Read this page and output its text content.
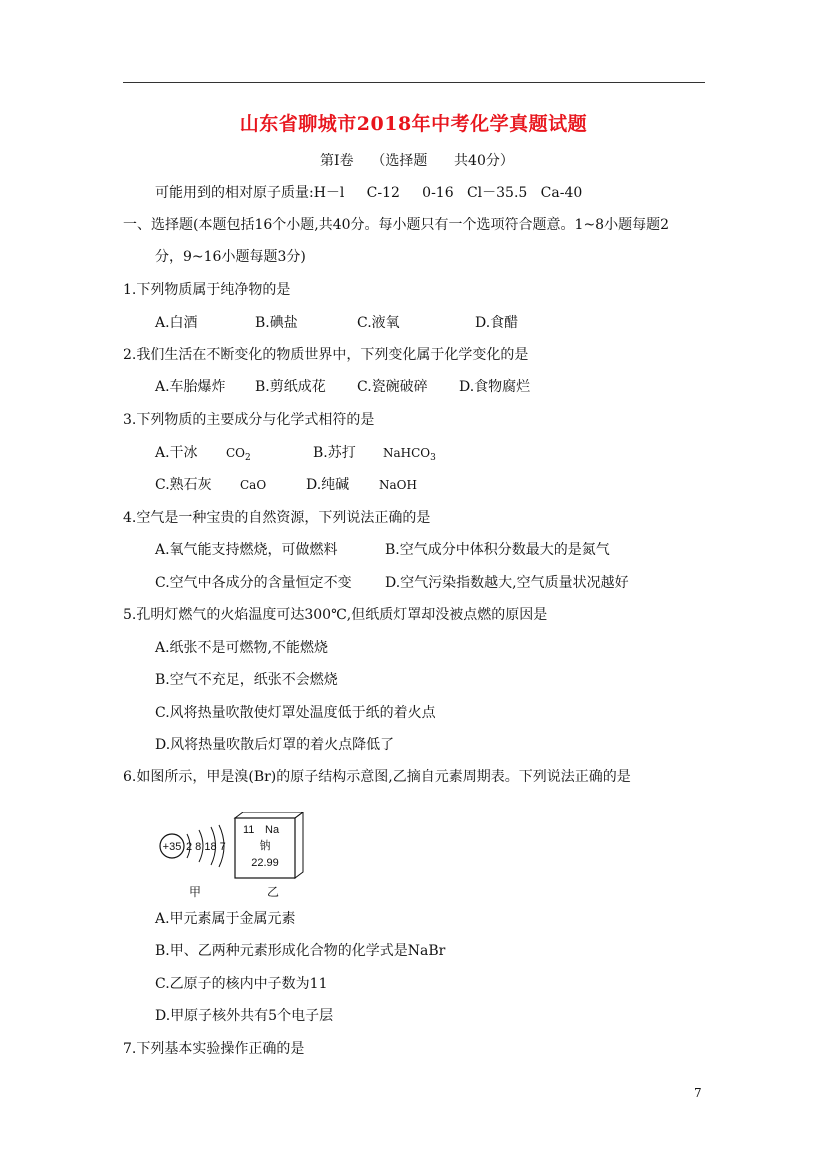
山东省聊城市2018年中考化学真题试题
第Ⅰ卷    （选择题      共40分）
可能用到的相对原子质量:H－l     C-12     0-16   Cl－35.5   Ca-40
一、选择题(本题包括16个小题,共40分。每小题只有一个选项符合题意。1~8小题每题2
分，9~16小题每题3分)
1.下列物质属于纯净物的是
A.白酒	B.碘盐	C.液氧	D.食醋
2.我们生活在不断变化的物质世界中，下列变化属于化学变化的是
A.车胎爆炸 B.剪纸成花 C.瓷碗破碎 D.食物腐烂
3.下列物质的主要成分与化学式相符的是
A.干冰 $CO_2$	B.苏打 NaHCO$_3$
C.熟石灰 CaO	D.纯碱 NaOH
4.空气是一种宝贵的自然资源，下列说法正确的是
A.氧气能支持燃烧，可做燃料	B.空气成分中体积分数最大的是氮气
C.空气中各成分的含量恒定不变 D.空气污染指数越大,空气质量状况越好
5.孔明灯燃气的火焰温度可达300℃,但纸质灯罩却没被点燃的原因是
A.纸张不是可燃物,不能燃烧
B.空气不充足，纸张不会燃烧
C.风将热量吹散使灯罩处温度低于纸的着火点
D.风将热量吹散后灯罩的着火点降低了
6.如图所示，甲是溴(Br)的原子结构示意图,乙摘自元素周期表。下列说法正确的是
+35 2 8 18 7
甲
11 Na
钠
22.99
乙
A.甲元素属于金属元素
B.甲、乙两种元素形成化合物的化学式是NaBr
C.乙原子的核内中子数为11
D.甲原子核外共有5个电子层
7.下列基本实验操作正确的是
7
